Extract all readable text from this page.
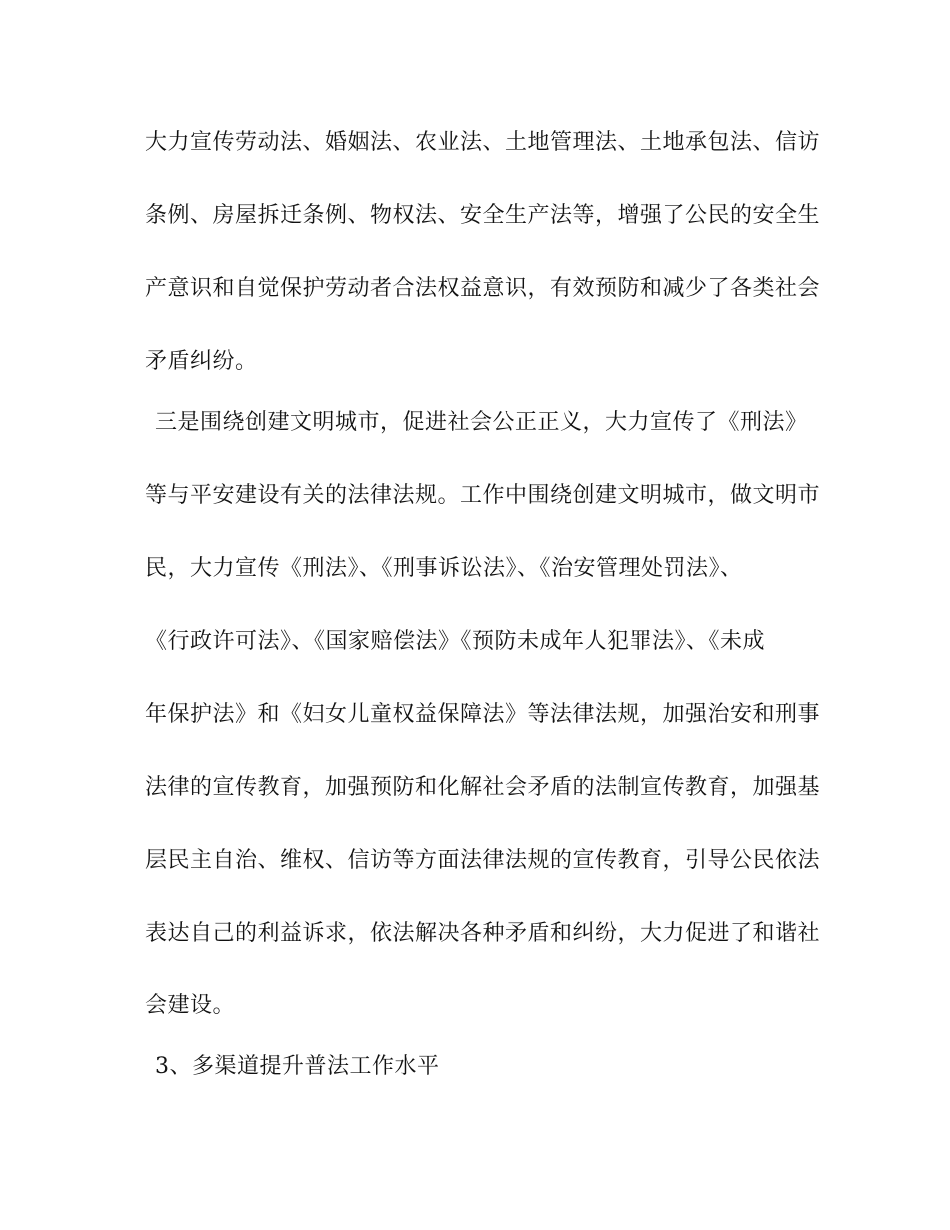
大力宣传劳动法、婚姻法、农业法、土地管理法、土地承包法、信访
条例、房屋拆迁条例、物权法、安全生产法等，增强了公民的安全生
产意识和自觉保护劳动者合法权益意识，有效预防和减少了各类社会
矛盾纠纷。
三是围绕创建文明城市，促进社会公正正义，大力宣传了《刑法》
等与平安建设有关的法律法规。工作中围绕创建文明城市，做文明市
民，大力宣传《刑法》、《刑事诉讼法》、《治安管理处罚法》、
《行政许可法》、《国家赔偿法》《预防未成年人犯罪法》、《未成
年保护法》和《妇女儿童权益保障法》等法律法规，加强治安和刑事
法律的宣传教育，加强预防和化解社会矛盾的法制宣传教育，加强基
层民主自治、维权、信访等方面法律法规的宣传教育，引导公民依法
表达自己的利益诉求，依法解决各种矛盾和纠纷，大力促进了和谐社
会建设。
3、多渠道提升普法工作水平
